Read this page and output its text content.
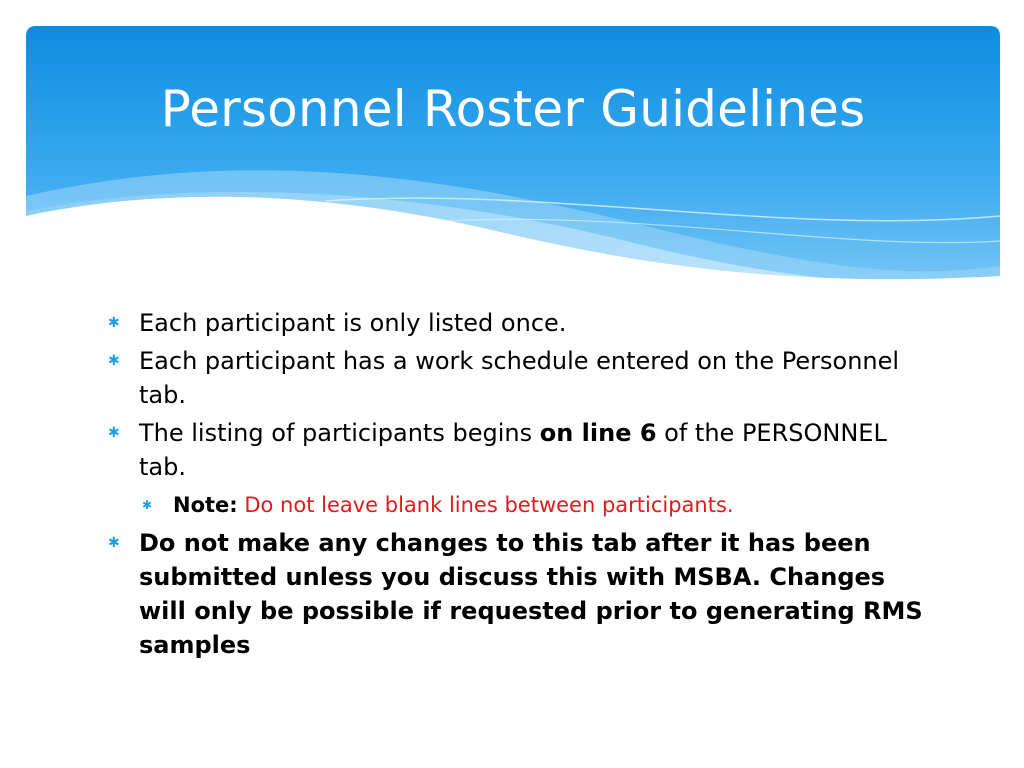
Personnel Roster Guidelines
✱ Each participant is only listed once.
✱ Each participant has a work schedule entered on the Personnel tab.
✱ The listing of participants begins on line 6 of the PERSONNEL tab.
✱ Note: Do not leave blank lines between participants.
✱ Do not make any changes to this tab after it has been submitted unless you discuss this with MSBA. Changes will only be possible if requested prior to generating RMS samples
